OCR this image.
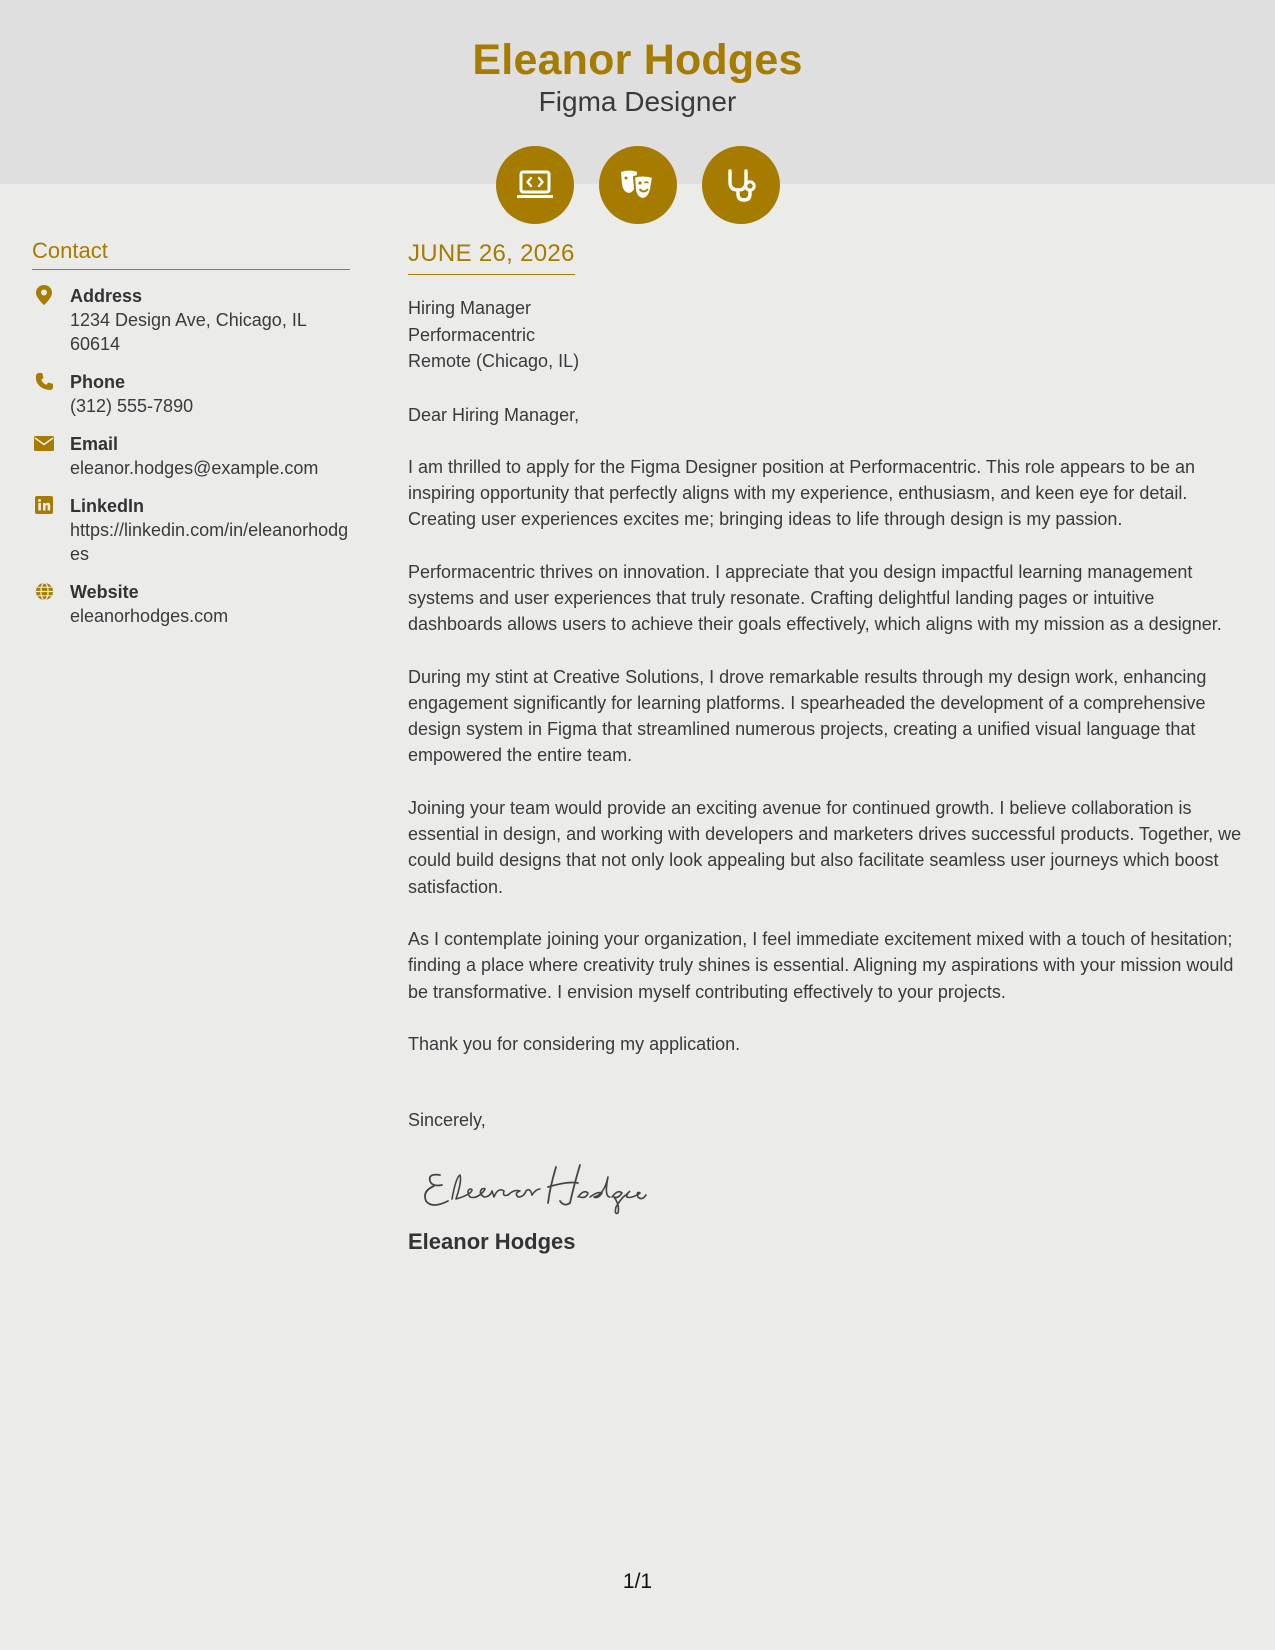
Eleanor Hodges
Figma Designer
Contact
Address
1234 Design Ave, Chicago, IL 60614
Phone
(312) 555-7890
Email
eleanor.hodges@example.com
LinkedIn
https://linkedin.com/in/eleanorhodges
Website
eleanorhodges.com
JUNE 26, 2026
Hiring Manager
Performacentric
Remote (Chicago, IL)

Dear Hiring Manager,

I am thrilled to apply for the Figma Designer position at Performacentric. This role appears to be an inspiring opportunity that perfectly aligns with my experience, enthusiasm, and keen eye for detail. Creating user experiences excites me; bringing ideas to life through design is my passion.

Performacentric thrives on innovation. I appreciate that you design impactful learning management systems and user experiences that truly resonate. Crafting delightful landing pages or intuitive dashboards allows users to achieve their goals effectively, which aligns with my mission as a designer.

During my stint at Creative Solutions, I drove remarkable results through my design work, enhancing engagement significantly for learning platforms. I spearheaded the development of a comprehensive design system in Figma that streamlined numerous projects, creating a unified visual language that empowered the entire team.

Joining your team would provide an exciting avenue for continued growth. I believe collaboration is essential in design, and working with developers and marketers drives successful products. Together, we could build designs that not only look appealing but also facilitate seamless user journeys which boost satisfaction.

As I contemplate joining your organization, I feel immediate excitement mixed with a touch of hesitation; finding a place where creativity truly shines is essential. Aligning my aspirations with your mission would be transformative. I envision myself contributing effectively to your projects.

Thank you for considering my application.

Sincerely,
Eleanor Hodges
1/1
